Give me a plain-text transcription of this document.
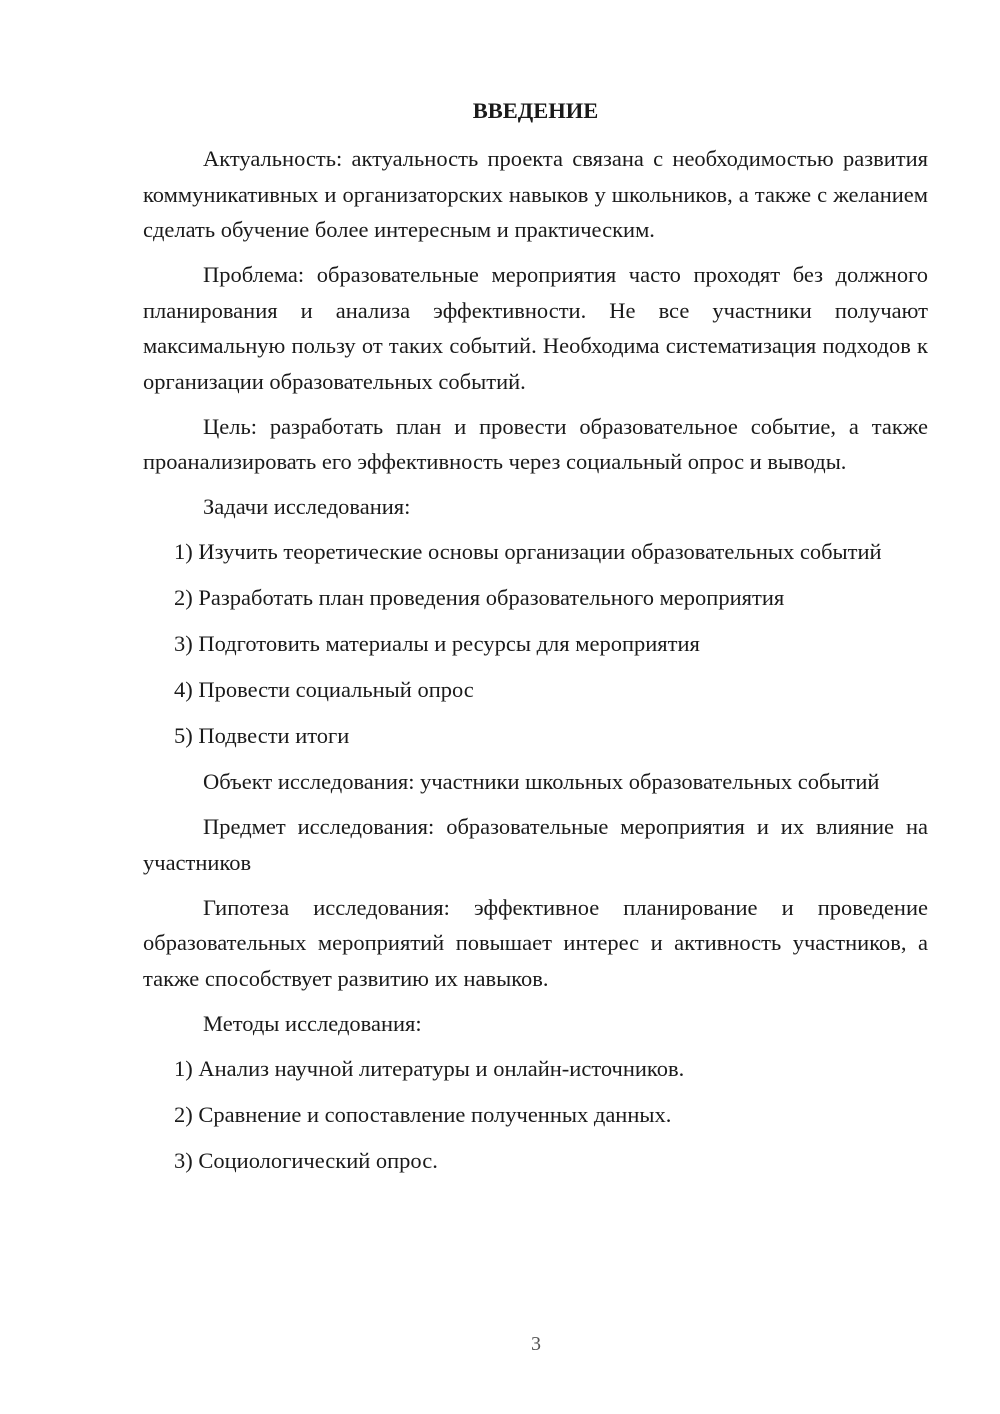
ВВЕДЕНИЕ

Актуальность: актуальность проекта связана с необходимостью развития коммуникативных и организаторских навыков у школьников, а также с желанием сделать обучение более интересным и практическим.

Проблема: образовательные мероприятия часто проходят без должного планирования и анализа эффективности. Не все участники получают максимальную пользу от таких событий. Необходима систематизация подходов к организации образовательных событий.

Цель: разработать план и провести образовательное событие, а также проанализировать его эффективность через социальный опрос и выводы.

Задачи исследования:

1) Изучить теоретические основы организации образовательных событий

2) Разработать план проведения образовательного мероприятия

3) Подготовить материалы и ресурсы для мероприятия

4) Провести социальный опрос

5) Подвести итоги

Объект исследования: участники школьных образовательных событий

Предмет исследования: образовательные мероприятия и их влияние на участников

Гипотеза исследования: эффективное планирование и проведение образовательных мероприятий повышает интерес и активность участников, а также способствует развитию их навыков.

Методы исследования:

1) Анализ научной литературы и онлайн-источников.

2) Сравнение и сопоставление полученных данных.

3) Социологический опрос.

3
